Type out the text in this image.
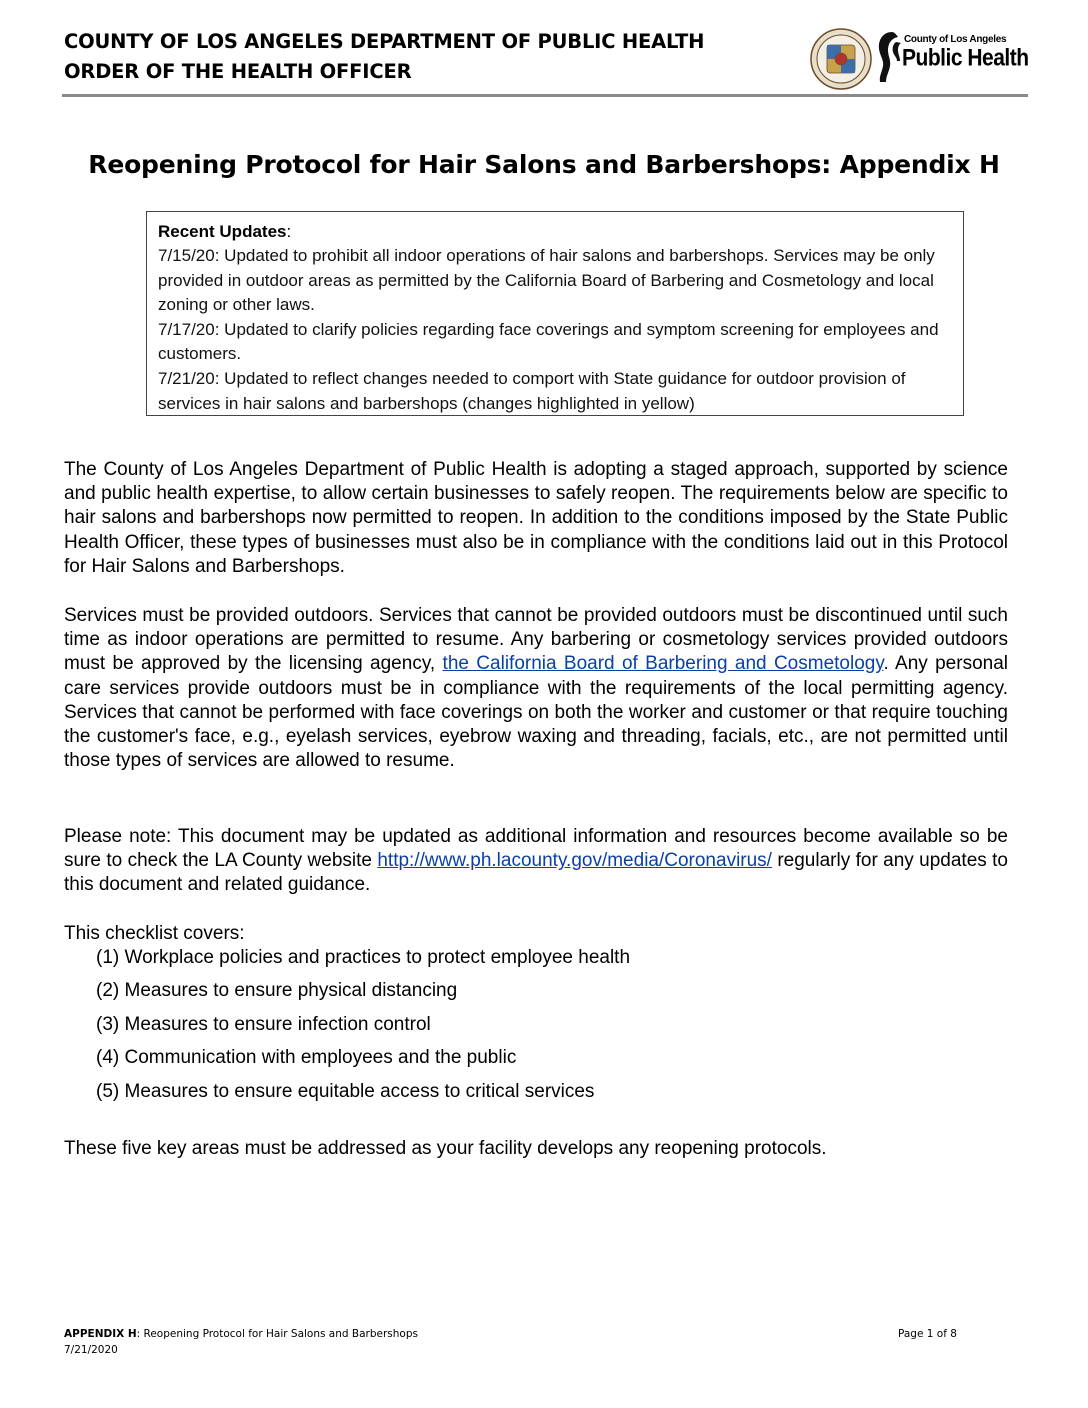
COUNTY OF LOS ANGELES DEPARTMENT OF PUBLIC HEALTH
ORDER OF THE HEALTH OFFICER
County of Los Angeles
Public Health
Reopening Protocol for Hair Salons and Barbershops: Appendix H
Recent Updates:
7/15/20: Updated to prohibit all indoor operations of hair salons and barbershops. Services may be only provided in outdoor areas as permitted by the California Board of Barbering and Cosmetology and local zoning or other laws.
7/17/20: Updated to clarify policies regarding face coverings and symptom screening for employees and customers.
7/21/20: Updated to reflect changes needed to comport with State guidance for outdoor provision of services in hair salons and barbershops (changes highlighted in yellow)
The County of Los Angeles Department of Public Health is adopting a staged approach, supported by science and public health expertise, to allow certain businesses to safely reopen. The requirements below are specific to hair salons and barbershops now permitted to reopen. In addition to the conditions imposed by the State Public Health Officer, these types of businesses must also be in compliance with the conditions laid out in this Protocol for Hair Salons and Barbershops.
Services must be provided outdoors. Services that cannot be provided outdoors must be discontinued until such time as indoor operations are permitted to resume. Any barbering or cosmetology services provided outdoors must be approved by the licensing agency, the California Board of Barbering and Cosmetology. Any personal care services provide outdoors must be in compliance with the requirements of the local permitting agency. Services that cannot be performed with face coverings on both the worker and customer or that require touching the customer's face, e.g., eyelash services, eyebrow waxing and threading, facials, etc., are not permitted until those types of services are allowed to resume.
Please note: This document may be updated as additional information and resources become available so be sure to check the LA County website http://www.ph.lacounty.gov/media/Coronavirus/ regularly for any updates to this document and related guidance.
This checklist covers:
(1) Workplace policies and practices to protect employee health
(2) Measures to ensure physical distancing
(3) Measures to ensure infection control
(4) Communication with employees and the public
(5) Measures to ensure equitable access to critical services
These five key areas must be addressed as your facility develops any reopening protocols.
APPENDIX H: Reopening Protocol for Hair Salons and Barbershops
7/21/2020
Page 1 of 8
